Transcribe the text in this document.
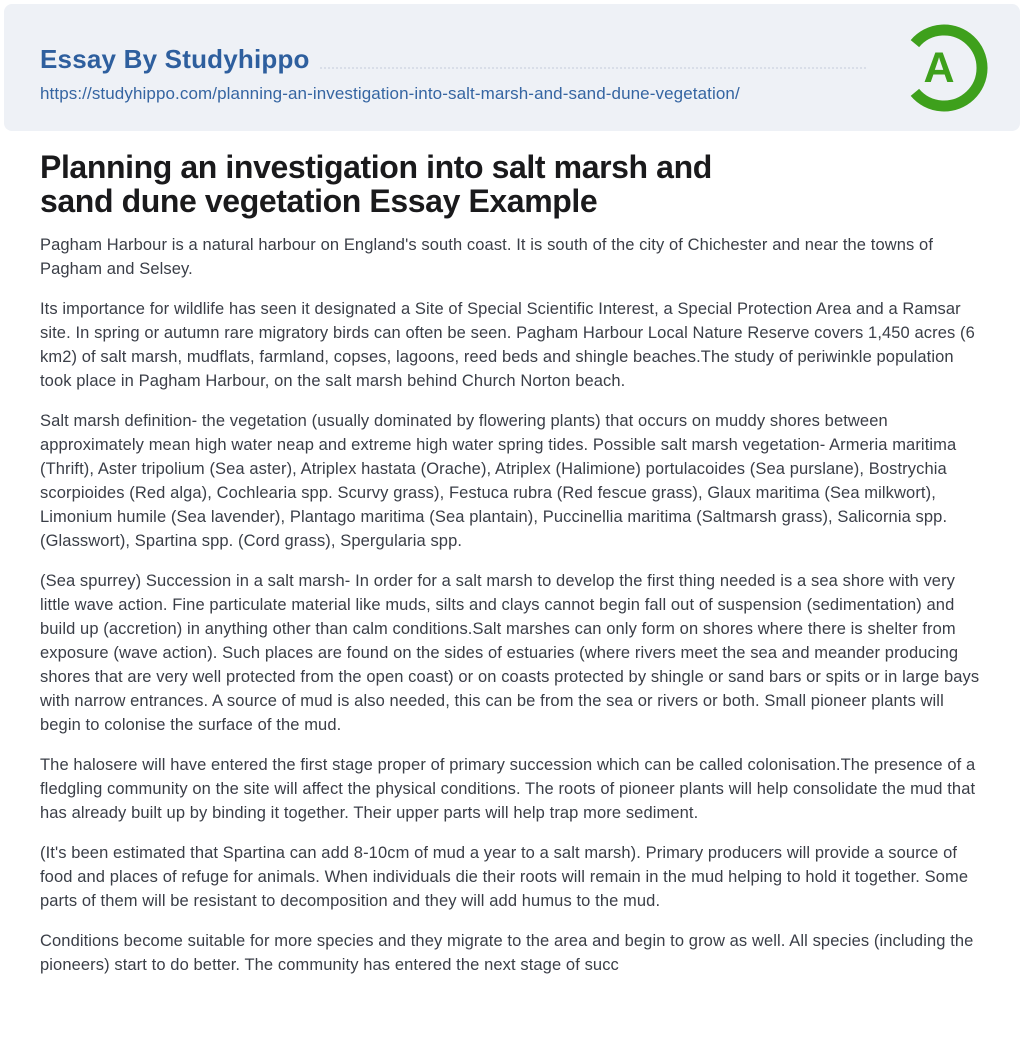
Essay By Studyhippo
https://studyhippo.com/planning-an-investigation-into-salt-marsh-and-sand-dune-vegetation/
A
Planning an investigation into salt marsh and
sand dune vegetation Essay Example

Pagham Harbour is a natural harbour on England's south coast. It is south of the city of Chichester and near the towns of Pagham and Selsey.

Its importance for wildlife has seen it designated a Site of Special Scientific Interest, a Special Protection Area and a Ramsar site. In spring or autumn rare migratory birds can often be seen. Pagham Harbour Local Nature Reserve covers 1,450 acres (6 km2) of salt marsh, mudflats, farmland, copses, lagoons, reed beds and shingle beaches.The study of periwinkle population took place in Pagham Harbour, on the salt marsh behind Church Norton beach.

Salt marsh definition- the vegetation (usually dominated by flowering plants) that occurs on muddy shores between approximately mean high water neap and extreme high water spring tides. Possible salt marsh vegetation- Armeria maritima (Thrift), Aster tripolium (Sea aster), Atriplex hastata (Orache), Atriplex (Halimione) portulacoides (Sea purslane), Bostrychia scorpioides (Red alga), Cochlearia spp. Scurvy grass), Festuca rubra (Red fescue grass), Glaux maritima (Sea milkwort), Limonium humile (Sea lavender), Plantago maritima (Sea plantain), Puccinellia maritima (Saltmarsh grass), Salicornia spp. (Glasswort), Spartina spp. (Cord grass), Spergularia spp.

(Sea spurrey) Succession in a salt marsh- In order for a salt marsh to develop the first thing needed is a sea shore with very little wave action. Fine particulate material like muds, silts and clays cannot begin fall out of suspension (sedimentation) and build up (accretion) in anything other than calm conditions.Salt marshes can only form on shores where there is shelter from exposure (wave action). Such places are found on the sides of estuaries (where rivers meet the sea and meander producing shores that are very well protected from the open coast) or on coasts protected by shingle or sand bars or spits or in large bays with narrow entrances. A source of mud is also needed, this can be from the sea or rivers or both. Small pioneer plants will begin to colonise the surface of the mud.

The halosere will have entered the first stage proper of primary succession which can be called colonisation.The presence of a fledgling community on the site will affect the physical conditions. The roots of pioneer plants will help consolidate the mud that has already built up by binding it together. Their upper parts will help trap more sediment.

(It's been estimated that Spartina can add 8-10cm of mud a year to a salt marsh). Primary producers will provide a source of food and places of refuge for animals. When individuals die their roots will remain in the mud helping to hold it together. Some parts of them will be resistant to decomposition and they will add humus to the mud.

Conditions become suitable for more species and they migrate to the area and begin to grow as well. All species (including the pioneers) start to do better. The community has entered the next stage of succ
